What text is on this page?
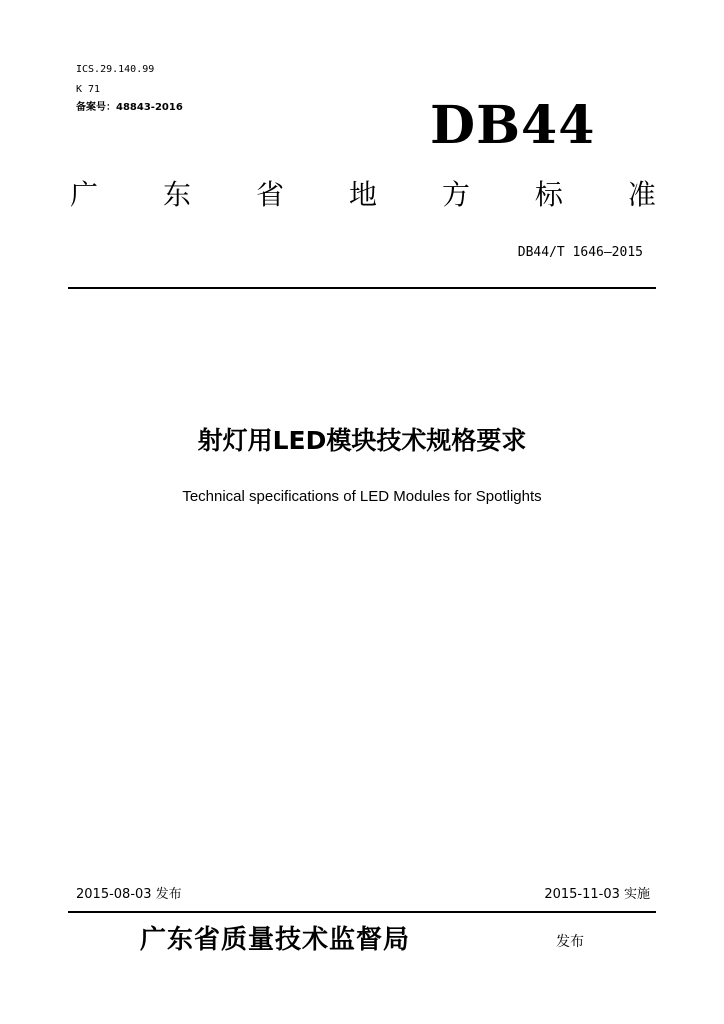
ICS.29.140.99
K 71
备案号：48843-2016	DB44
广 东 省 地 方 标 准
DB44/T 1646—2015
射灯用LED模块技术规格要求
Technical specifications of LED Modules for Spotlights
2015-08-03 发布	2015-11-03 实施
广东省质量技术监督局	发布
